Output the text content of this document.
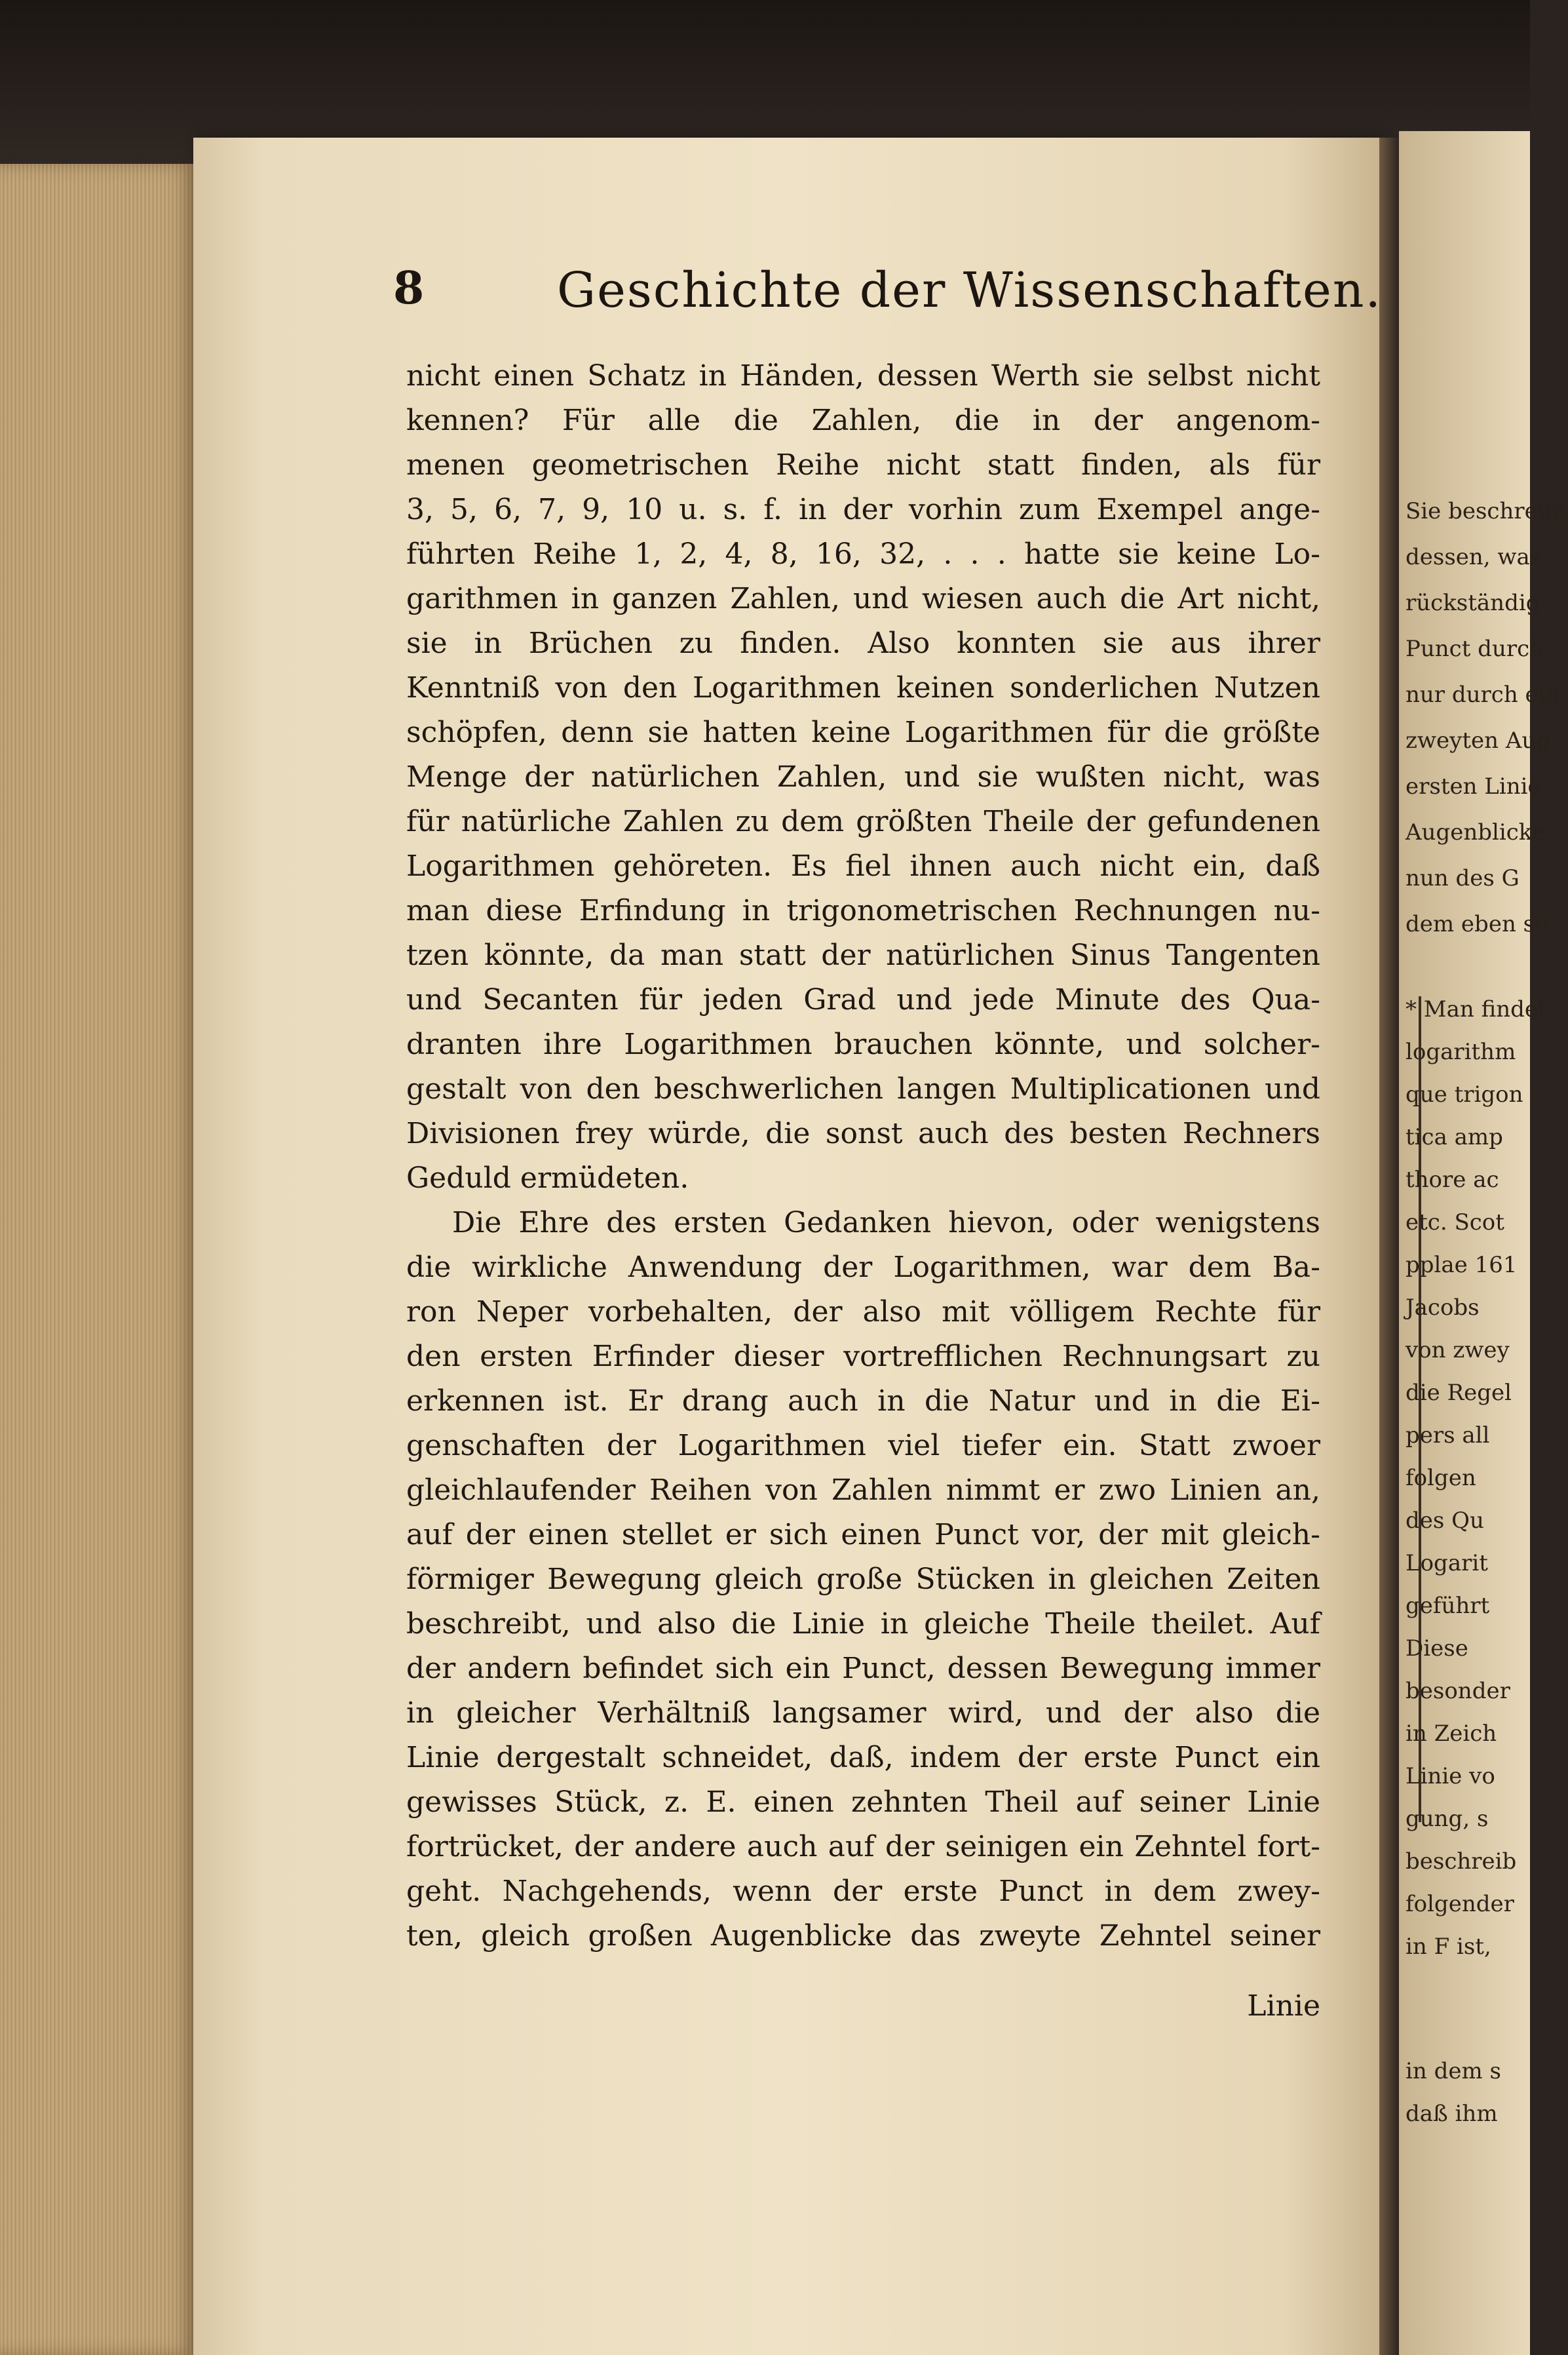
Sie beschreibt
dessen, was
rückständig
Punct durch
nur durch ein
zweyten Aug
ersten Linie,
Augenblicke
nun des G
dem eben so
* Man findet
logarithm
que trigon
tica amp
thore ac
etc. Scot
pplae 161
Jacobs
von zwey
die Regel
pers all
folgen
des Qu
Logarit
geführt
Diese
besonder
in Zeich
Linie vo
gung, s
beschreib
folgender
in F ist,
in dem s
daß ihm
8	Geschichte der Wissenschaften.
nicht einen Schatz in Händen, dessen Werth sie selbst nicht
kennen? Für alle die Zahlen, die in der angenom-
menen geometrischen Reihe nicht statt finden, als für
3, 5, 6, 7, 9, 10 u. s. f. in der vorhin zum Exempel ange-
führten Reihe 1, 2, 4, 8, 16, 32, . . . hatte sie keine Lo-
garithmen in ganzen Zahlen, und wiesen auch die Art nicht,
sie in Brüchen zu finden. Also konnten sie aus ihrer
Kenntniß von den Logarithmen keinen sonderlichen Nutzen
schöpfen, denn sie hatten keine Logarithmen für die größte
Menge der natürlichen Zahlen, und sie wußten nicht, was
für natürliche Zahlen zu dem größten Theile der gefundenen
Logarithmen gehöreten. Es fiel ihnen auch nicht ein, daß
man diese Erfindung in trigonometrischen Rechnungen nu-
tzen könnte, da man statt der natürlichen Sinus Tangenten
und Secanten für jeden Grad und jede Minute des Qua-
dranten ihre Logarithmen brauchen könnte, und solcher-
gestalt von den beschwerlichen langen Multiplicationen und
Divisionen frey würde, die sonst auch des besten Rechners
Geduld ermüdeten.
Die Ehre des ersten Gedanken hievon, oder wenigstens
die wirkliche Anwendung der Logarithmen, war dem Ba-
ron Neper vorbehalten, der also mit völligem Rechte für
den ersten Erfinder dieser vortrefflichen Rechnungsart zu
erkennen ist. Er drang auch in die Natur und in die Ei-
genschaften der Logarithmen viel tiefer ein. Statt zwoer
gleichlaufender Reihen von Zahlen nimmt er zwo Linien an,
auf der einen stellet er sich einen Punct vor, der mit gleich-
förmiger Bewegung gleich große Stücken in gleichen Zeiten
beschreibt, und also die Linie in gleiche Theile theilet. Auf
der andern befindet sich ein Punct, dessen Bewegung immer
in gleicher Verhältniß langsamer wird, und der also die
Linie dergestalt schneidet, daß, indem der erste Punct ein
gewisses Stück, z. E. einen zehnten Theil auf seiner Linie
fortrücket, der andere auch auf der seinigen ein Zehntel fort-
geht. Nachgehends, wenn der erste Punct in dem zwey-
ten, gleich großen Augenblicke das zweyte Zehntel seiner
Linie
